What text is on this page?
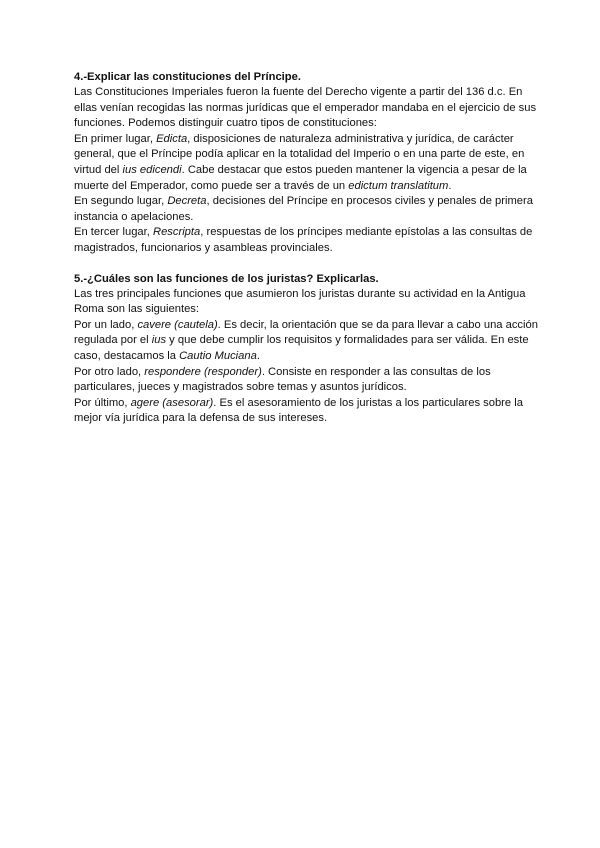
4.-Explicar las constituciones del Príncipe.

Las Constituciones Imperiales fueron la fuente del Derecho vigente a partir del 136 d.c. En ellas venían recogidas las normas jurídicas que el emperador mandaba en el ejercicio de sus funciones. Podemos distinguir cuatro tipos de constituciones:

En primer lugar, Edicta, disposiciones de naturaleza administrativa y jurídica, de carácter general, que el Príncipe podía aplicar en la totalidad del Imperio o en una parte de este, en virtud del ius edicendi. Cabe destacar que estos pueden mantener la vigencia a pesar de la muerte del Emperador, como puede ser a través de un edictum translatitum.

En segundo lugar, Decreta, decisiones del Príncipe en procesos civiles y penales de primera instancia o apelaciones.

En tercer lugar, Rescripta, respuestas de los príncipes mediante epístolas a las consultas de magistrados, funcionarios y asambleas provinciales.

5.-¿Cuáles son las funciones de los juristas? Explicarlas.

Las tres principales funciones que asumieron los juristas durante su actividad en la Antigua Roma son las siguientes:

Por un lado, cavere (cautela). Es decir, la orientación que se da para llevar a cabo una acción regulada por el ius y que debe cumplir los requisitos y formalidades para ser válida. En este caso, destacamos la Cautio Muciana.

Por otro lado, respondere (responder). Consiste en responder a las consultas de los particulares, jueces y magistrados sobre temas y asuntos jurídicos.

Por último, agere (asesorar). Es el asesoramiento de los juristas a los particulares sobre la mejor vía jurídica para la defensa de sus intereses.
